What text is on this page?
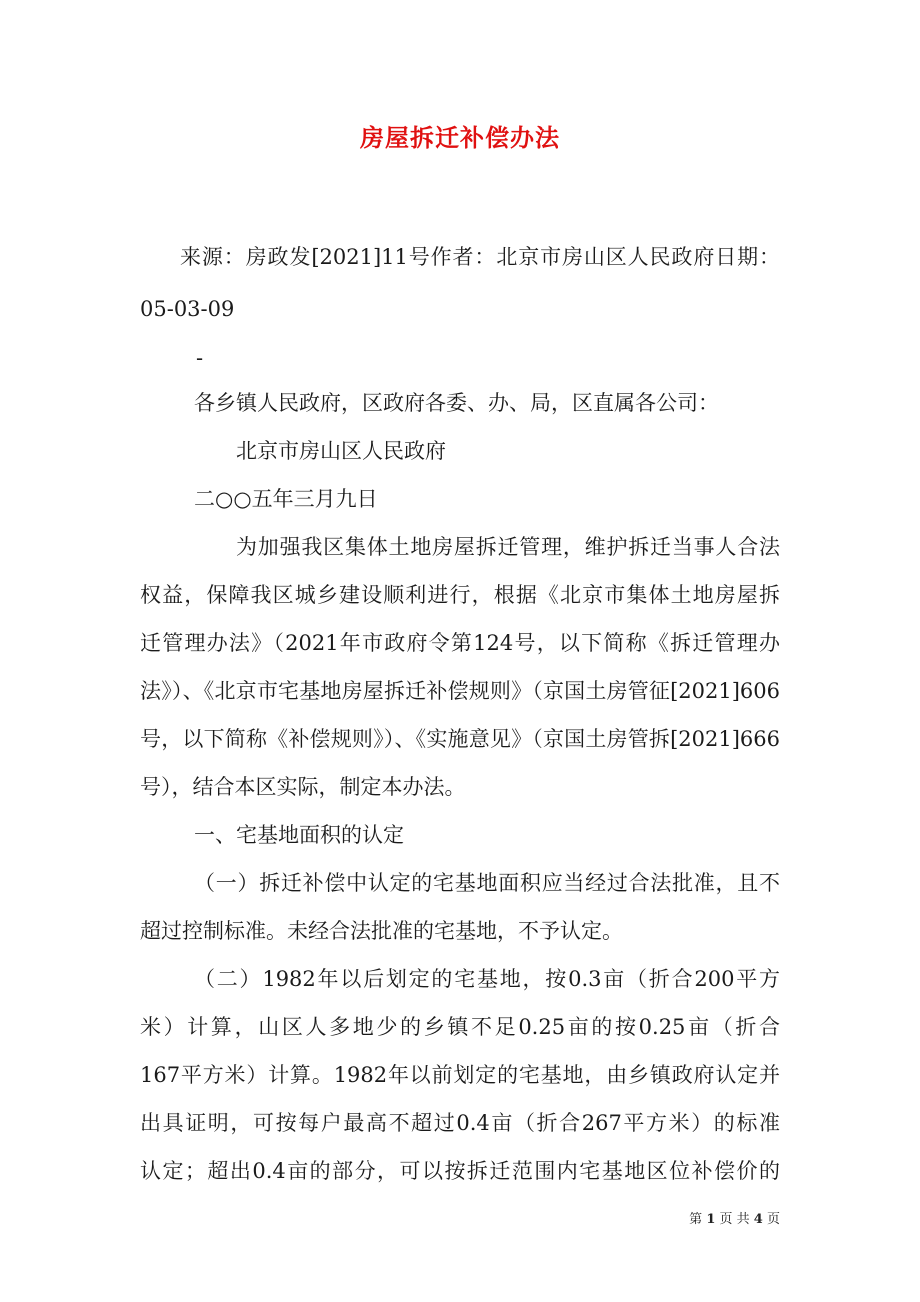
房屋拆迁补偿办法
来源：房政发[2021]11号作者：北京市房山区人民政府日期：
05-03-09
-
各乡镇人民政府，区政府各委、办、局，区直属各公司：
北京市房山区人民政府
二○○五年三月九日
为加强我区集体土地房屋拆迁管理，维护拆迁当事人合法
权益，保障我区城乡建设顺利进行，根据《北京市集体土地房屋拆
迁管理办法》（2021年市政府令第124号，以下简称《拆迁管理办
法》）、《北京市宅基地房屋拆迁补偿规则》（京国土房管征[2021]606
号，以下简称《补偿规则》）、《实施意见》（京国土房管拆[2021]666
号），结合本区实际，制定本办法。
一、宅基地面积的认定
（一）拆迁补偿中认定的宅基地面积应当经过合法批准，且不
超过控制标准。未经合法批准的宅基地，不予认定。
（二）1982年以后划定的宅基地，按0.3亩（折合200平方
米）计算，山区人多地少的乡镇不足0.25亩的按0.25亩（折合
167平方米）计算。1982年以前划定的宅基地，由乡镇政府认定并
出具证明，可按每户最高不超过0.4亩（折合267平方米）的标准
认定；超出0.4亩的部分，可以按拆迁范围内宅基地区位补偿价的
第 1 页 共 4 页
